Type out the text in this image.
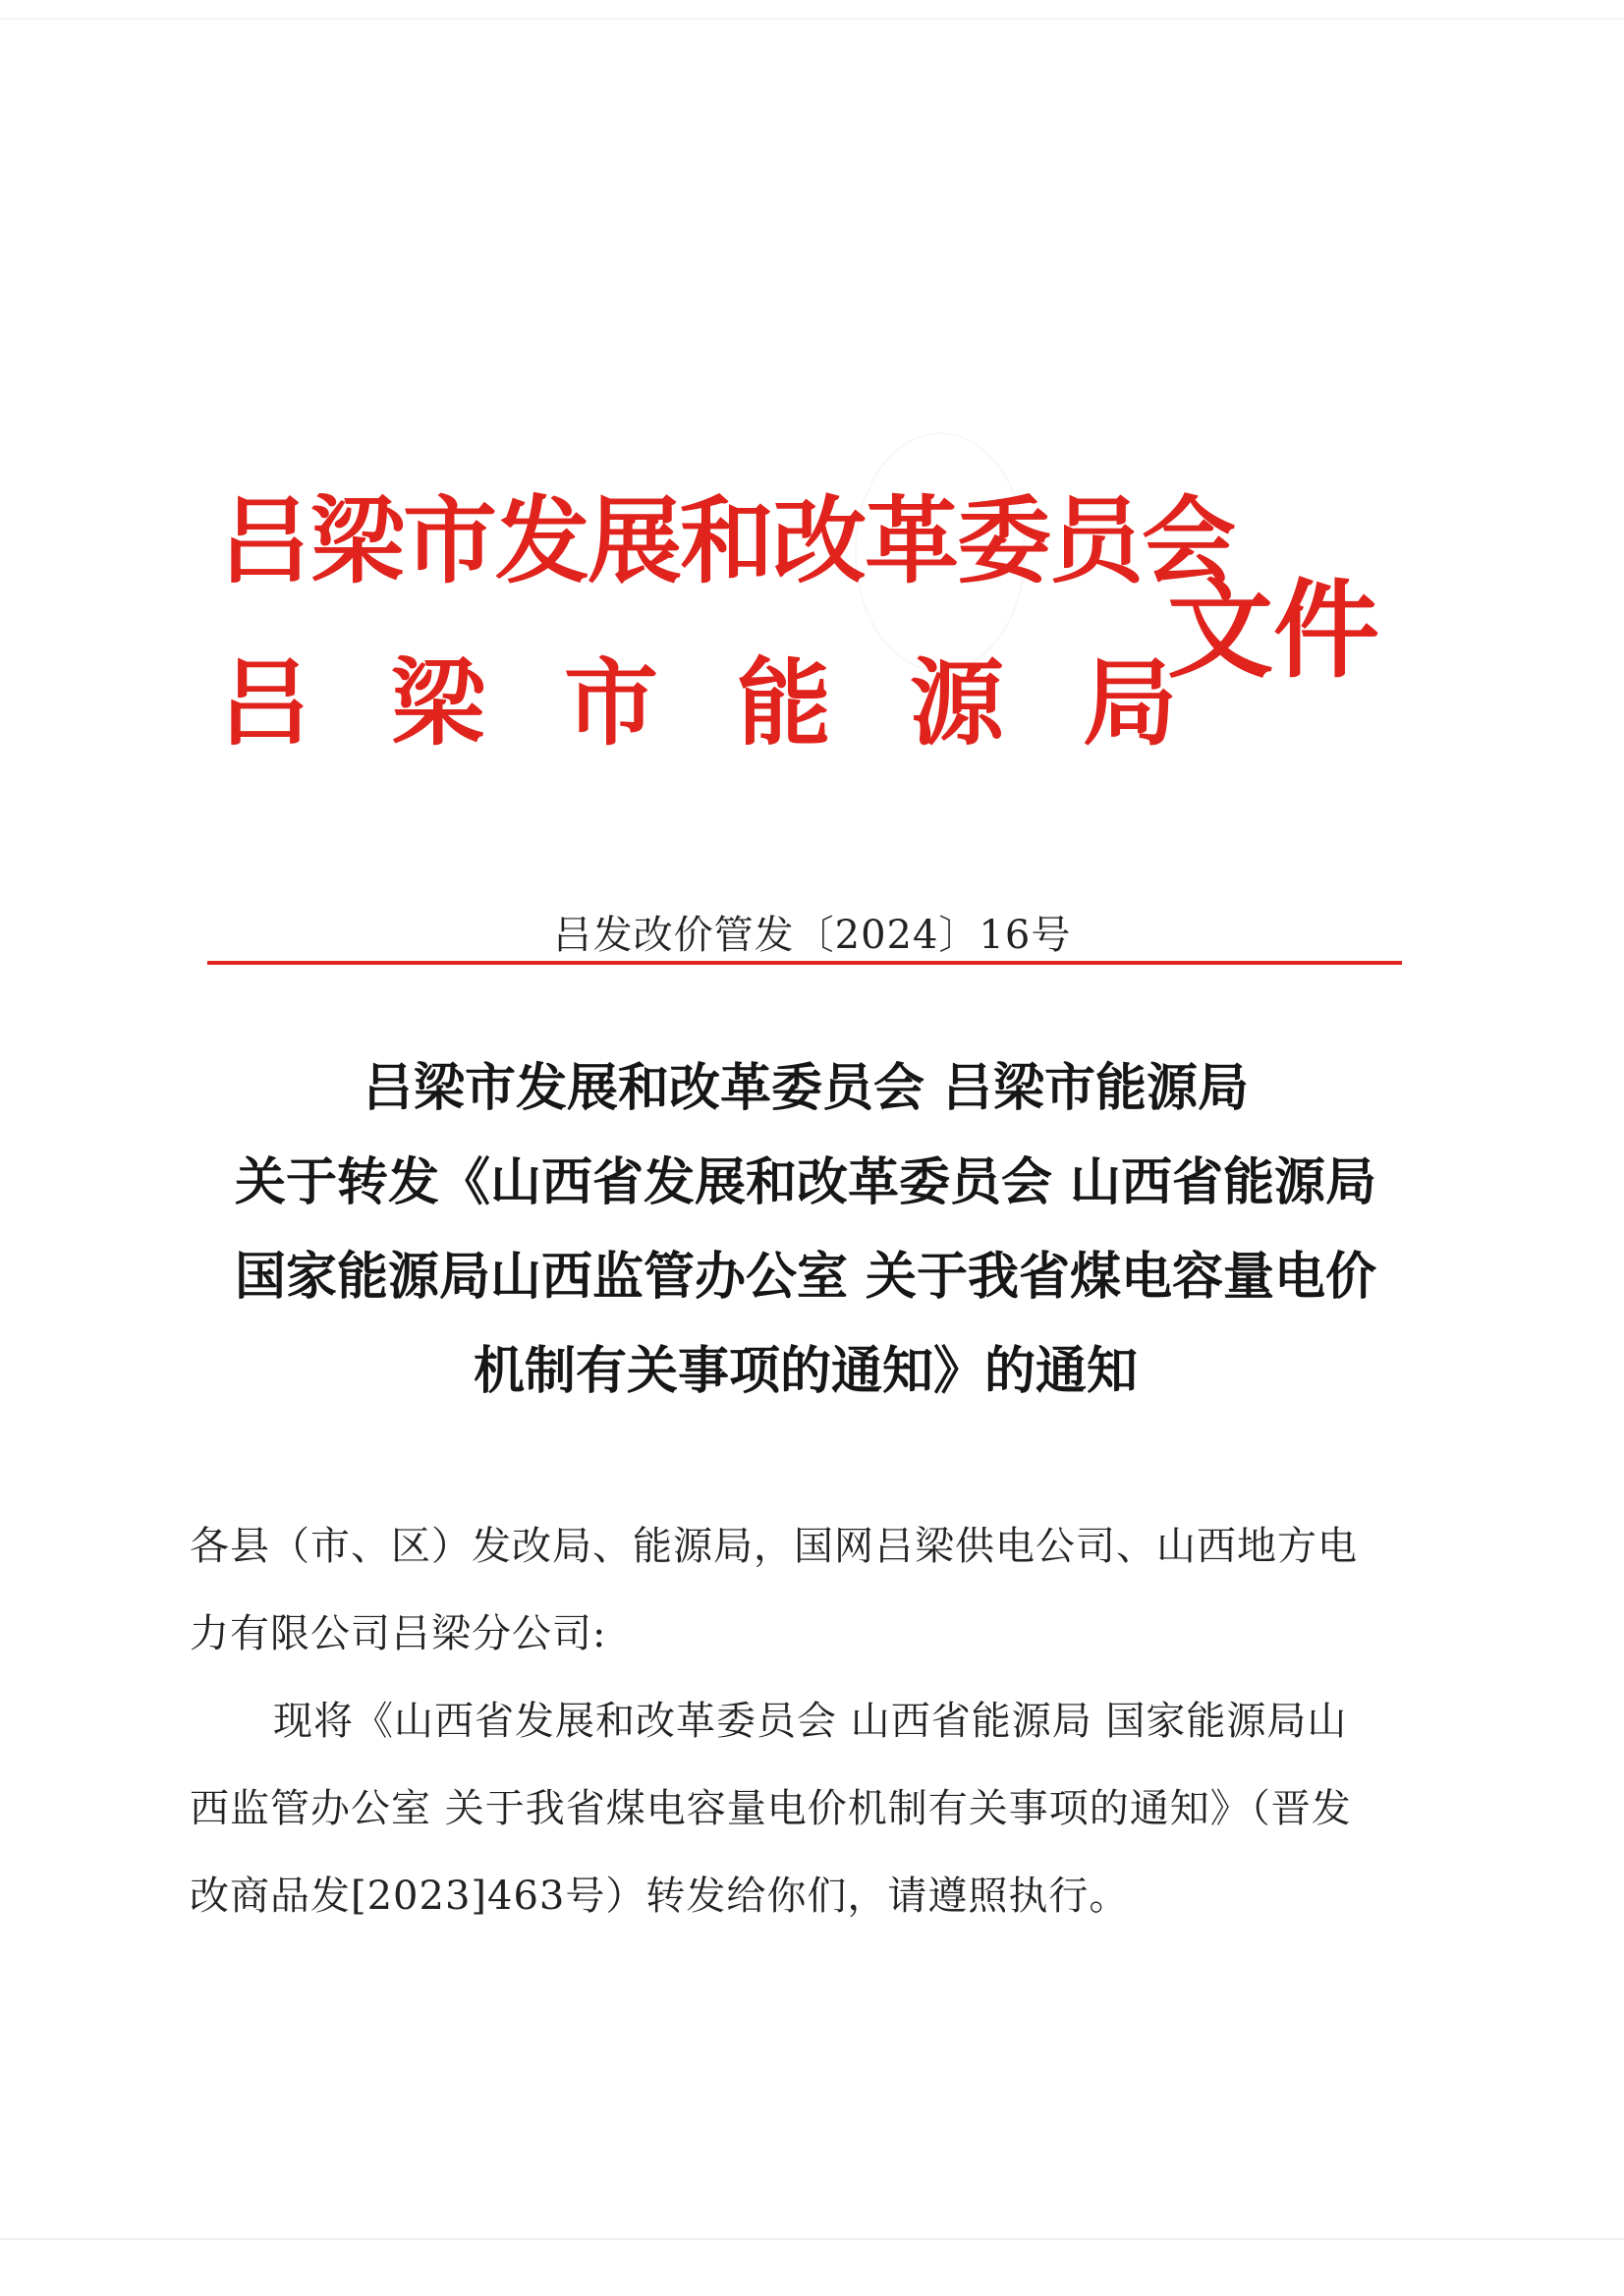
吕梁市发展和改革委员会
吕梁市能源局
文件
吕发改价管发〔2024〕16号
吕梁市发展和改革委员会 吕梁市能源局
关于转发《山西省发展和改革委员会 山西省能源局
国家能源局山西监管办公室 关于我省煤电容量电价
机制有关事项的通知》的通知
各县（市、区）发改局、能源局，国网吕梁供电公司、山西地方电
力有限公司吕梁分公司:
现将《山西省发展和改革委员会 山西省能源局 国家能源局山
西监管办公室 关于我省煤电容量电价机制有关事项的通知》（晋发
改商品发[2023]463号）转发给你们，请遵照执行。
